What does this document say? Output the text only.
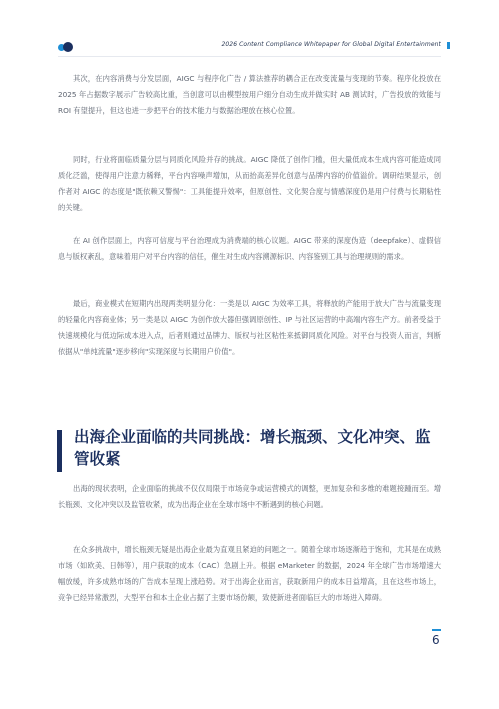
2026 Content Compliance Whitepaper for Global Digital Entertainment

其次，在内容消费与分发层面，AIGC 与程序化广告 / 算法推荐的耦合正在改变流量与变现的节奏。程序化投放在 2025 年占据数字展示广告较高比重，当创意可以由模型按用户细分自动生成并做实时 AB 测试时，广告投放的效能与 ROI 有望提升，但这也进一步把平台的技术能力与数据治理放在核心位置。

同时，行业将面临质量分层与同质化风险并存的挑战。AIGC 降低了创作门槛，但大量低成本生成内容可能造成同质化泛滥，使得用户注意力稀释，平台内容噪声增加，从而抬高差异化创意与品牌内容的价值溢价。调研结果显示，创作者对 AIGC 的态度是"既依赖又警惕"：工具能提升效率，但原创性、文化契合度与情感深度仍是用户付费与长期粘性的关键。

在 AI 创作层面上，内容可信度与平台治理成为消费端的核心议题。AIGC 带来的深度伪造（deepfake）、虚假信息与版权紊乱，意味着用户对平台内容的信任，催生对生成内容溯源标识、内容鉴别工具与治理规则的需求。

最后，商业模式在短期内出现两类明显分化：一类是以 AIGC 为效率工具，将释放的产能用于放大广告与流量变现的轻量化内容商业体；另一类是以 AIGC 为创作放大器但强调原创性、IP 与社区运营的中高端内容生产方。前者受益于快速规模化与低边际成本进入点，后者则通过品牌力、版权与社区粘性来抵御同质化风险。对平台与投资人而言，判断依据从"单纯流量"逐步移向"实现深度与长期用户价值"。

出海企业面临的共同挑战：增长瓶颈、文化冲突、监管收紧

出海的现状表明，企业面临的挑战不仅仅局限于市场竞争或运营模式的调整，更加复杂和多维的难题接踵而至。增长瓶颈、文化冲突以及监管收紧，成为出海企业在全球市场中不断遇到的核心问题。

在众多挑战中，增长瓶颈无疑是出海企业最为直观且紧迫的问题之一。随着全球市场逐渐趋于饱和，尤其是在成熟市场（如欧美、日韩等），用户获取的成本（CAC）急剧上升。根据 eMarketer 的数据，2024 年全球广告市场增速大幅放缓，许多成熟市场的广告成本呈现上涨趋势。对于出海企业而言，获取新用户的成本日益增高，且在这些市场上，竞争已经异常激烈，大型平台和本土企业占据了主要市场份额，致使新进者面临巨大的市场进入障碍。

6
